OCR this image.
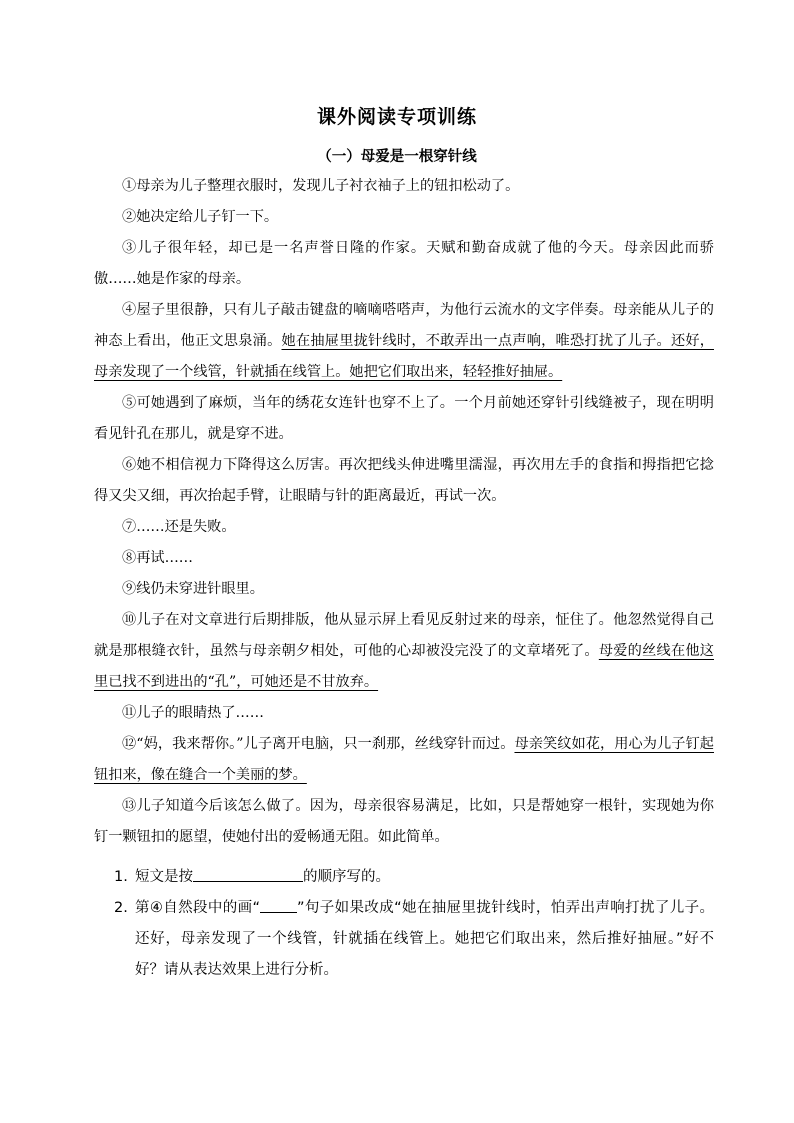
课外阅读专项训练
（一）母爱是一根穿针线

①母亲为儿子整理衣服时，发现儿子衬衣袖子上的钮扣松动了。

②她决定给儿子钉一下。

③儿子很年轻，却已是一名声誉日隆的作家。天赋和勤奋成就了他的今天。母亲因此而骄傲……她是作家的母亲。

④屋子里很静，只有儿子敲击键盘的嘀嘀嗒嗒声，为他行云流水的文字伴奏。母亲能从儿子的神态上看出，他正文思泉涌。她在抽屉里拢针线时，不敢弄出一点声响，唯恐打扰了儿子。还好，母亲发现了一个线管，针就插在线管上。她把它们取出来，轻轻推好抽屉。

⑤可她遇到了麻烦，当年的绣花女连针也穿不上了。一个月前她还穿针引线缝被子，现在明明看见针孔在那儿，就是穿不进。

⑥她不相信视力下降得这么厉害。再次把线头伸进嘴里濡湿，再次用左手的食指和拇指把它捻得又尖又细，再次抬起手臂，让眼睛与针的距离最近，再试一次。

⑦……还是失败。

⑧再试……

⑨线仍未穿进针眼里。

⑩儿子在对文章进行后期排版，他从显示屏上看见反射过来的母亲，怔住了。他忽然觉得自己就是那根缝衣针，虽然与母亲朝夕相处，可他的心却被没完没了的文章堵死了。母爱的丝线在他这里已找不到进出的“孔”，可她还是不甘放弃。

⑪儿子的眼睛热了……

⑫“妈，我来帮你。”儿子离开电脑，只一刹那，丝线穿针而过。母亲笑纹如花，用心为儿子钉起钮扣来，像在缝合一个美丽的梦。

⑬儿子知道今后该怎么做了。因为，母亲很容易满足，比如，只是帮她穿一根针，实现她为你钉一颗钮扣的愿望，使她付出的爱畅通无阻。如此简单。

1. 短文是按	的顺序写的。
2. 第④自然段中的画“	”句子如果改成“她在抽屉里拢针线时，怕弄出声响打扰了儿子。还好，母亲发现了一个线管，针就插在线管上。她把它们取出来，然后推好抽屉。”好不好？请从表达效果上进行分析。
